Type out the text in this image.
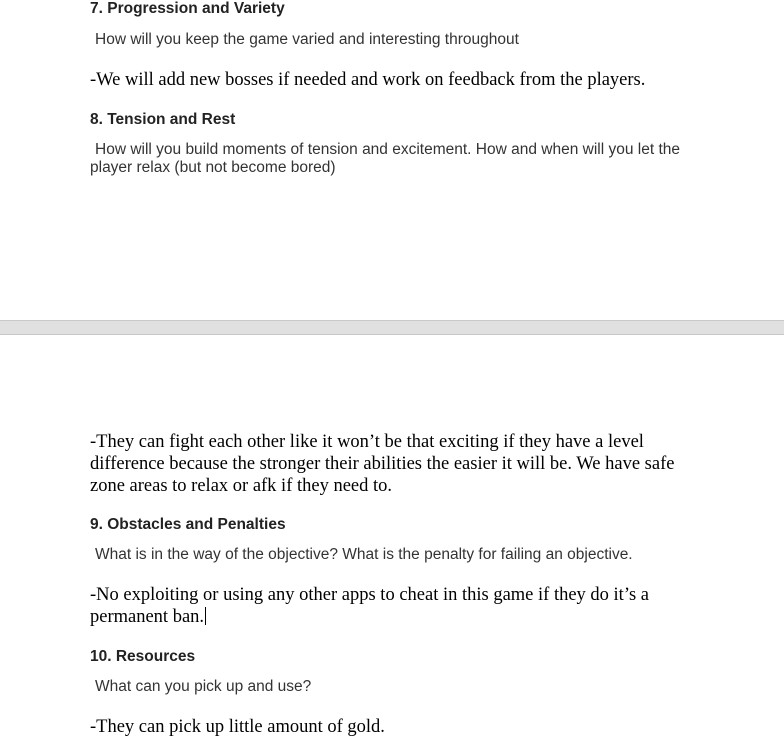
7. Progression and Variety

How will you keep the game varied and interesting throughout

-We will add new bosses if needed and work on feedback from the players.

8. Tension and Rest

How will you build moments of tension and excitement. How and when will you let the player relax (but not become bored)

-They can fight each other like it won’t be that exciting if they have a level difference because the stronger their abilities the easier it will be. We have safe zone areas to relax or afk if they need to.

9. Obstacles and Penalties

What is in the way of the objective? What is the penalty for failing an objective.

-No exploiting or using any other apps to cheat in this game if they do it’s a permanent ban.

10. Resources

What can you pick up and use?

-They can pick up little amount of gold.
